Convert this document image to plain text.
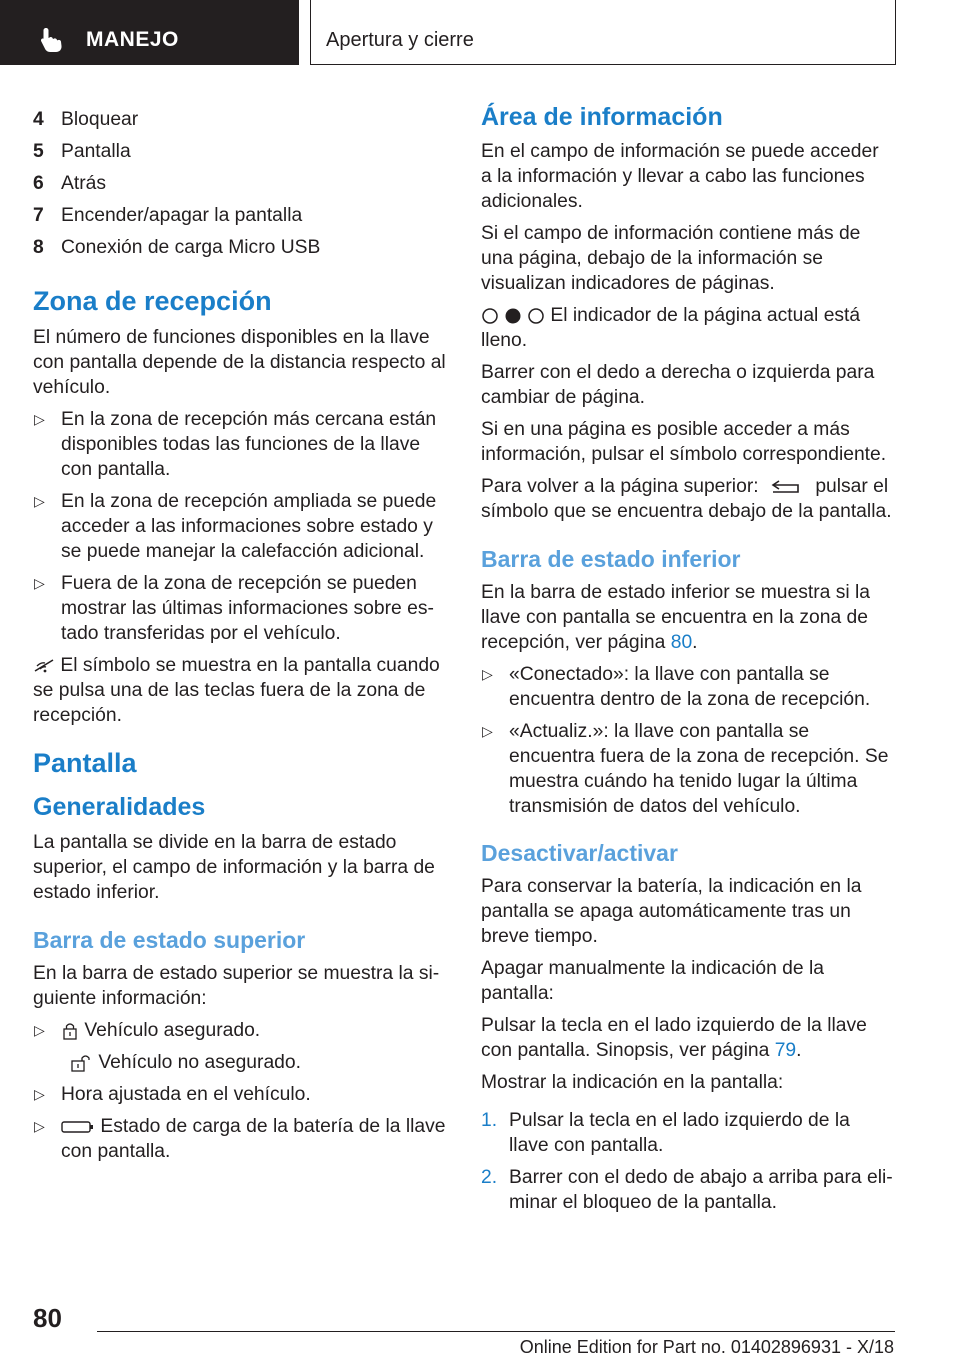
MANEJO	Apertura y cierre
4 Bloquear
5 Pantalla
6 Atrás
7 Encender/apagar la pantalla
8 Conexión de carga Micro USB
Zona de recepción

El número de funciones disponibles en la llave con pantalla depende de la distancia respecto al vehículo.

▷ En la zona de recepción más cercana están disponibles todas las funciones de la llave con pantalla.
▷ En la zona de recepción ampliada se puede acceder a las informaciones sobre estado y se puede manejar la calefacción adicional.
▷ Fuera de la zona de recepción se pueden mostrar las últimas informaciones sobre estado transferidas por el vehículo.

El símbolo se muestra en la pantalla cuando se pulsa una de las teclas fuera de la zona de recepción.

Pantalla
Generalidades

La pantalla se divide en la barra de estado superior, el campo de información y la barra de estado inferior.

Barra de estado superior

En la barra de estado superior se muestra la siguiente información:

▷ Vehículo asegurado.
Vehículo no asegurado.
▷ Hora ajustada en el vehículo.
▷	Estado de carga de la batería de la llave con pantalla.
Área de información

En el campo de información se puede acceder a la información y llevar a cabo las funciones adicionales.

Si el campo de información contiene más de una página, debajo de la información se visualizan indicadores de páginas.

El indicador de la página actual está lleno.

Barrer con el dedo a derecha o izquierda para cambiar de página.

Si en una página es posible acceder a más información, pulsar el símbolo correspondiente.

Para volver a la página superior:	pulsar el símbolo que se encuentra debajo de la pantalla.

Barra de estado inferior

En la barra de estado inferior se muestra si la llave con pantalla se encuentra en la zona de recepción, ver página 80.

▷ «Conectado»: la llave con pantalla se encuentra dentro de la zona de recepción.
▷ «Actualiz.»: la llave con pantalla se encuentra fuera de la zona de recepción. Se muestra cuándo ha tenido lugar la última transmisión de datos del vehículo.
Desactivar/activar

Para conservar la batería, la indicación en la pantalla se apaga automáticamente tras un breve tiempo.

Apagar manualmente la indicación de la pantalla:

Pulsar la tecla en el lado izquierdo de la llave con pantalla. Sinopsis, ver página 79.

Mostrar la indicación en la pantalla:

1. Pulsar la tecla en el lado izquierdo de la llave con pantalla.
2. Barrer con el dedo de abajo a arriba para eliminar el bloqueo de la pantalla.
80
Online Edition for Part no. 01402896931 - X/18
